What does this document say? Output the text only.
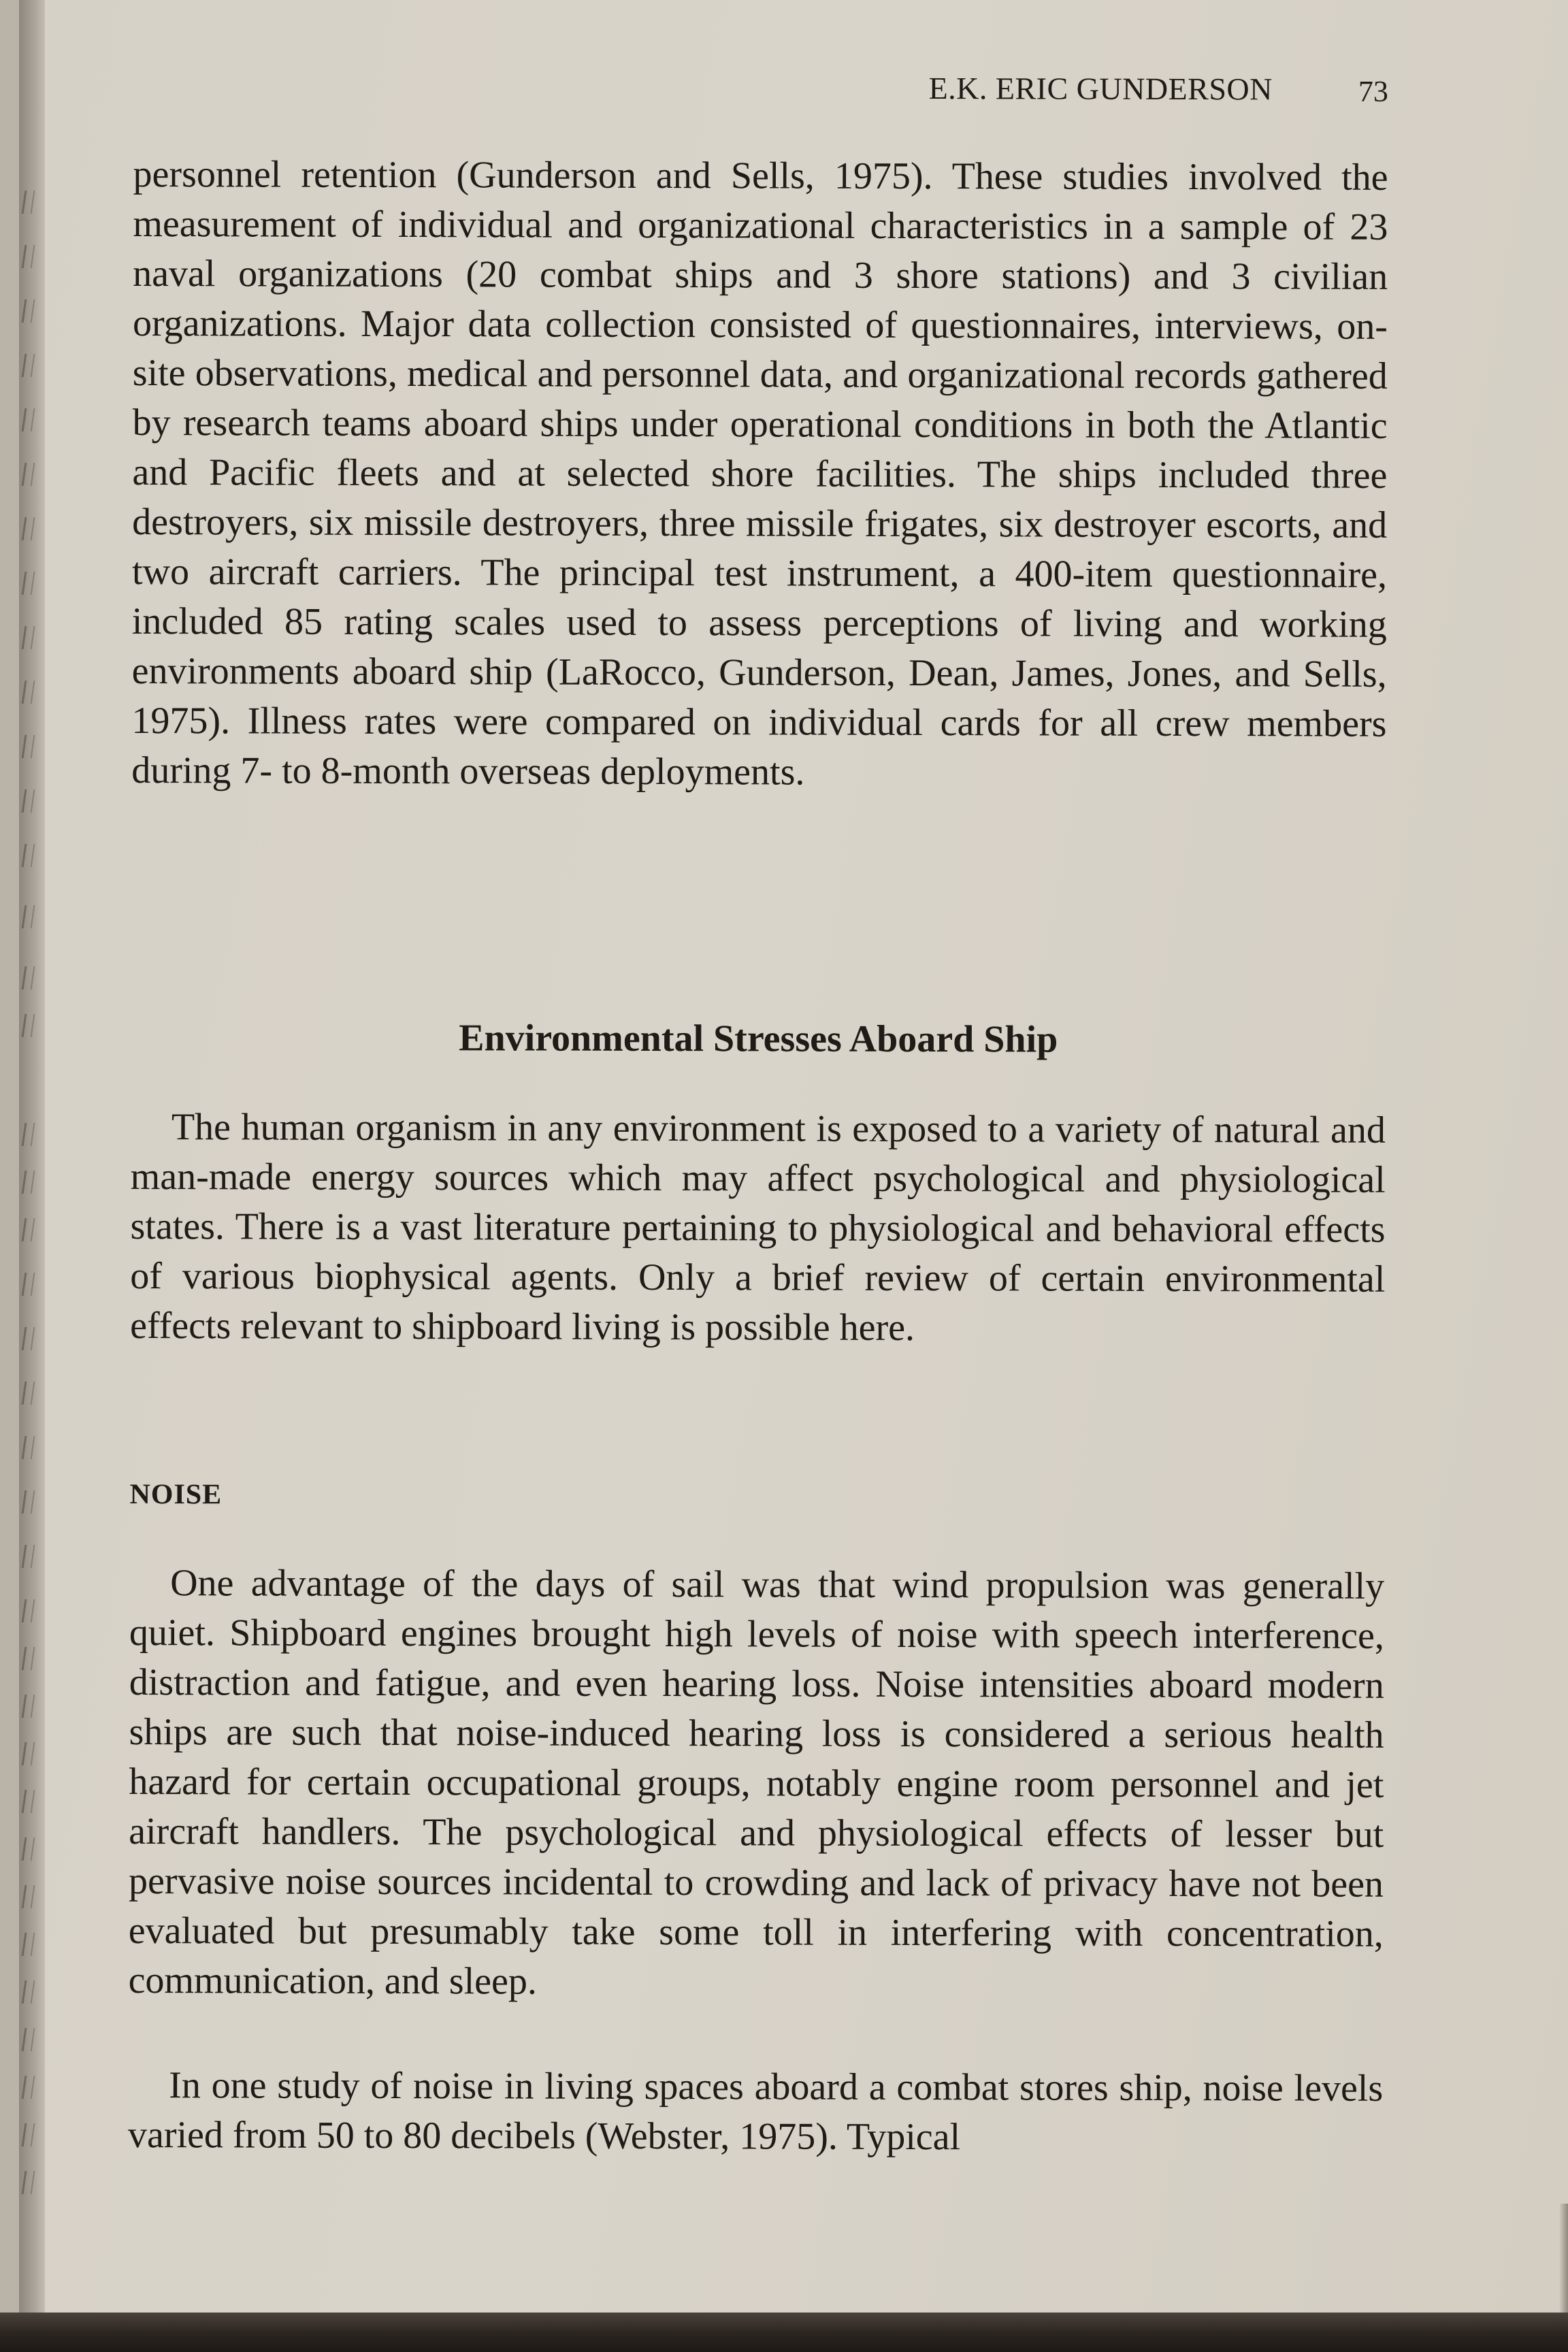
E.K. ERIC GUNDERSON	73

personnel retention (Gunderson and Sells, 1975). These studies involved the measurement of individual and organizational characteristics in a sample of 23 naval organizations (20 combat ships and 3 shore stations) and 3 civilian organizations. Major data collection consisted of questionnaires, interviews, on-site observations, medical and personnel data, and organizational records gathered by research teams aboard ships under operational conditions in both the Atlantic and Pacific fleets and at selected shore facilities. The ships included three destroyers, six missile destroyers, three missile frigates, six destroyer escorts, and two aircraft carriers. The principal test instrument, a 400-item questionnaire, included 85 rating scales used to assess perceptions of living and working environments aboard ship (LaRocco, Gunderson, Dean, James, Jones, and Sells, 1975). Illness rates were compared on individual cards for all crew members during 7- to 8-month overseas deployments.

Environmental Stresses Aboard Ship

The human organism in any environment is exposed to a variety of natural and man-made energy sources which may affect psychological and physiological states. There is a vast literature pertaining to physiological and behavioral effects of various biophysical agents. Only a brief review of certain environmental effects relevant to shipboard living is possible here.

NOISE

One advantage of the days of sail was that wind propulsion was generally quiet. Shipboard engines brought high levels of noise with speech interference, distraction and fatigue, and even hearing loss. Noise intensities aboard modern ships are such that noise-induced hearing loss is considered a serious health hazard for certain occupational groups, notably engine room personnel and jet aircraft handlers. The psychological and physiological effects of lesser but pervasive noise sources incidental to crowding and lack of privacy have not been evaluated but presumably take some toll in interfering with concentration, communication, and sleep.

In one study of noise in living spaces aboard a combat stores ship, noise levels varied from 50 to 80 decibels (Webster, 1975). Typical
